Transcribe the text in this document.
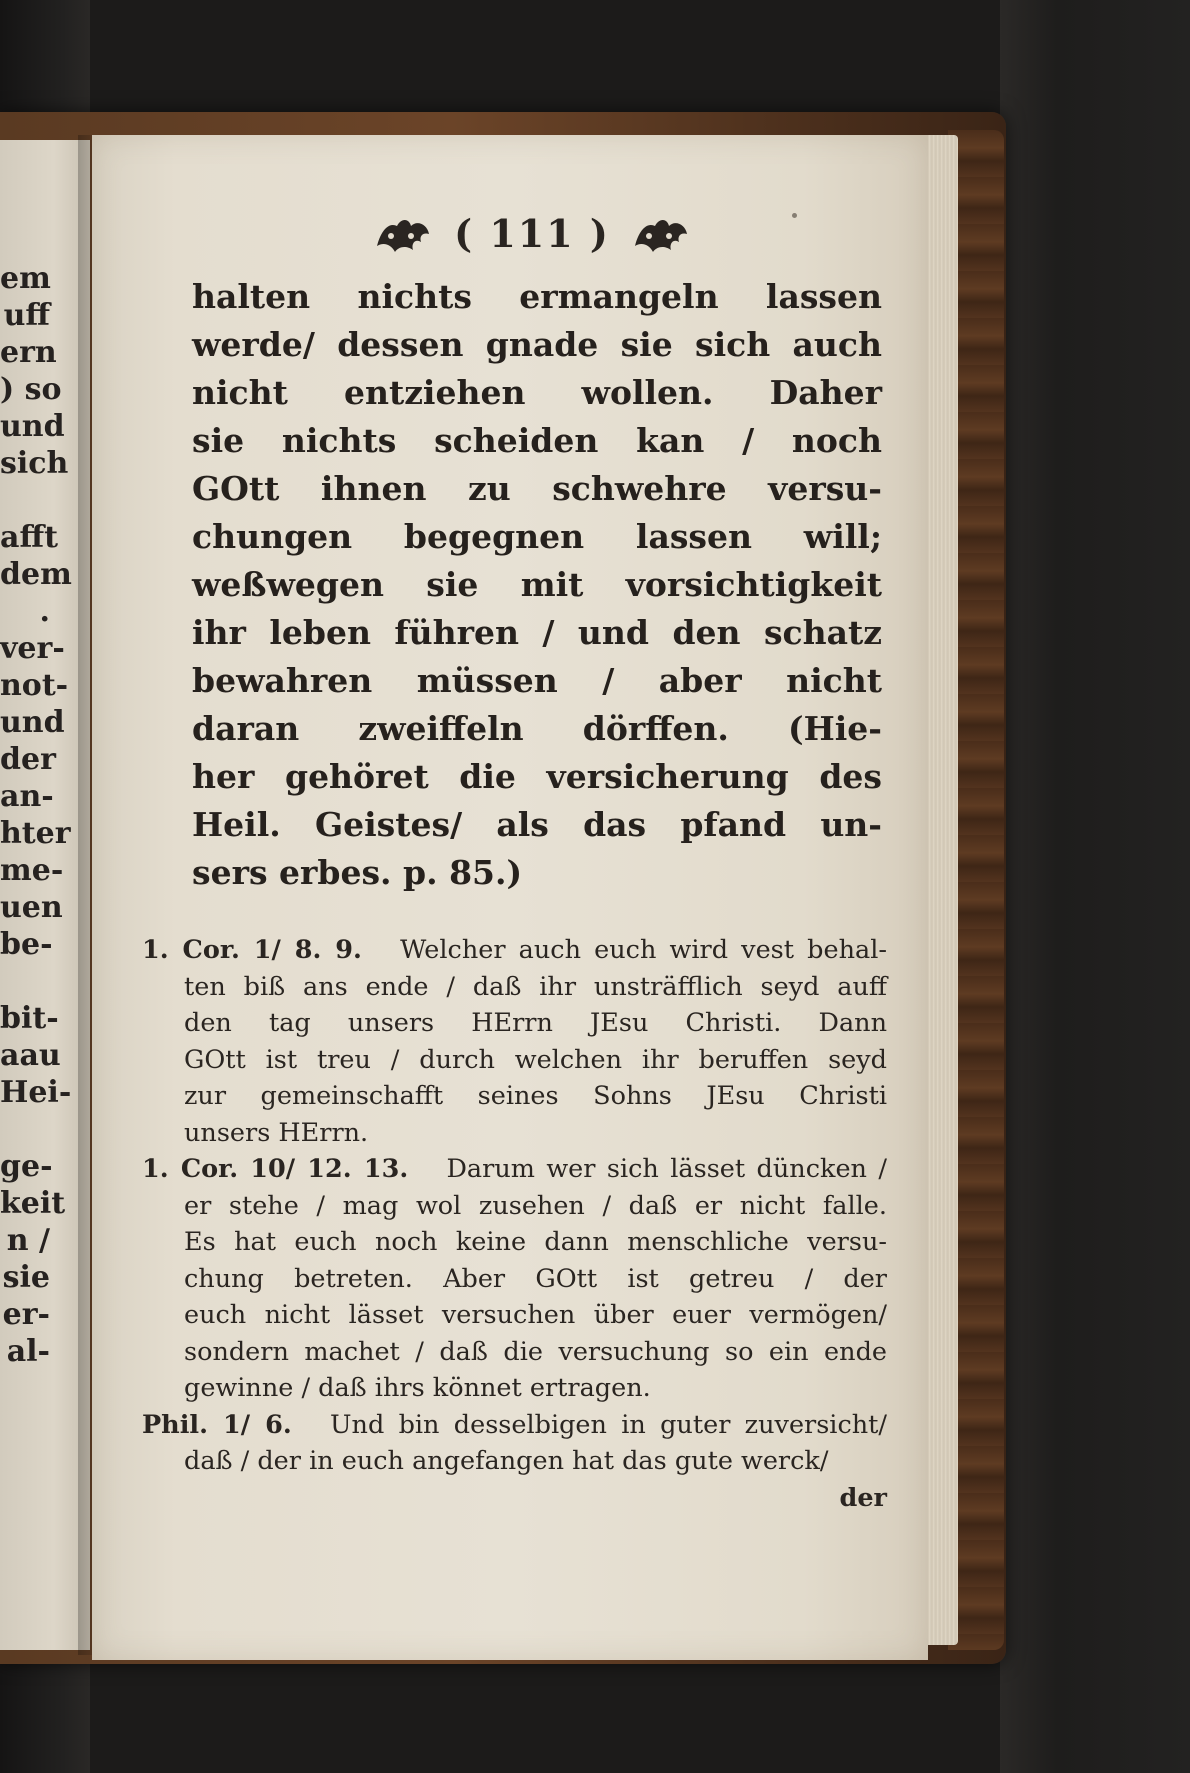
em
uff
ern
) so
und
sich
afft
dem
.
ver-
not-
und
der
an-
hter
me-
uen
be-
bit-
aau
Hei-
ge-
keit
n /
sie
er-
al-
( 111 )
halten nichts ermangeln lassen
werde/ dessen gnade sie sich auch
nicht entziehen wollen. Daher
sie nichts scheiden kan / noch
GOtt ihnen zu schwehre versu-
chungen begegnen lassen will;
weßwegen sie mit vorsichtigkeit
ihr leben führen / und den schatz
bewahren müssen / aber nicht
daran zweiffeln dörffen. (Hie-
her gehöret die versicherung des
Heil. Geistes/ als das pfand un-
sers erbes. p. 85.)
1. Cor. 1/ 8. 9.   Welcher auch euch wird vest behal-
ten biß ans ende / daß ihr unsträfflich seyd auff
den tag unsers HErrn JEsu Christi. Dann
GOtt ist treu / durch welchen ihr beruffen seyd
zur gemeinschafft seines Sohns JEsu Christi
unsers HErrn.
1. Cor. 10/ 12. 13.   Darum wer sich lässet düncken /
er stehe / mag wol zusehen / daß er nicht falle.
Es hat euch noch keine dann menschliche versu-
chung betreten. Aber GOtt ist getreu / der
euch nicht lässet versuchen über euer vermögen/
sondern machet / daß die versuchung so ein ende
gewinne / daß ihrs könnet ertragen.
Phil. 1/ 6.   Und bin desselbigen in guter zuversicht/
daß / der in euch angefangen hat das gute werck/
der
